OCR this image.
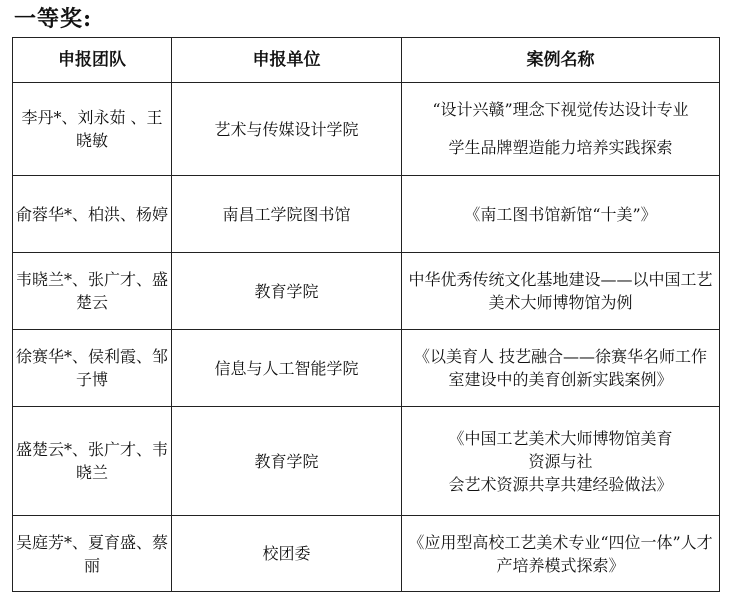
一等奖:
申报团队	申报单位	案例名称
李丹*、刘永茹 、王晓敏	艺术与传媒设计学院	“设计兴赣”理念下视觉传达设计专业
学生品牌塑造能力培养实践探索
俞蓉华*、柏洪、杨婷	南昌工学院图书馆	《南工图书馆新馆“十美”》
韦晓兰*、张广才、盛楚云	教育学院	中华优秀传统文化基地建设——以中国工艺美术大师博物馆为例
徐赛华*、侯利霞、邹子博	信息与人工智能学院	《以美育人 技艺融合——徐赛华名师工作室建设中的美育创新实践案例》
盛楚云*、张广才、韦晓兰	教育学院	《中国工艺美术大师博物馆美育
资源与社
会艺术资源共享共建经验做法》
吴庭芳*、夏育盛、蔡丽	校团委	《应用型高校工艺美术专业“四位一体”人才产培养模式探索》
